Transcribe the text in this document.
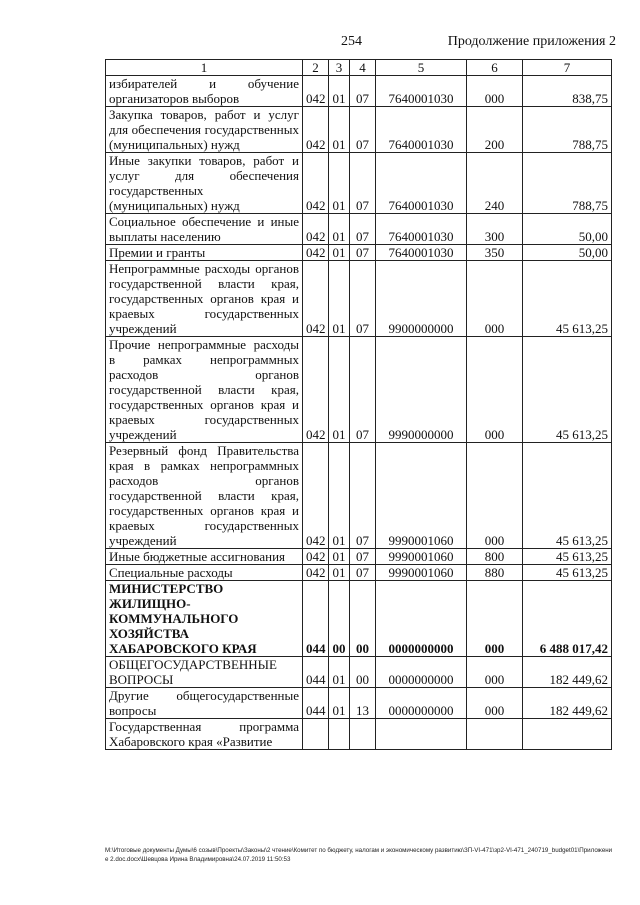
254	Продолжение приложения 2
1	2	3	4	5	6	7
избирателей и обучение организаторов выборов	042	01	07	7640001030	000	838,75
Закупка товаров, работ и услуг для обеспечения государственных (муниципальных) нужд	042	01	07	7640001030	200	788,75
Иные закупки товаров, работ и услуг для обеспечения государственных (муниципальных) нужд	042	01	07	7640001030	240	788,75
Социальное обеспечение и иные выплаты населению	042	01	07	7640001030	300	50,00
Премии и гранты	042	01	07	7640001030	350	50,00
Непрограммные расходы органов государственной власти края, государственных органов края и краевых государственных учреждений	042	01	07	9900000000	000	45 613,25
Прочие непрограммные расходы в рамках непрограммных расходов органов государственной власти края, государственных органов края и краевых государственных учреждений	042	01	07	9990000000	000	45 613,25
Резервный фонд Правительства края в рамках непрограммных расходов органов государственной власти края, государственных органов края и краевых государственных учреждений	042	01	07	9990001060	000	45 613,25
Иные бюджетные ассигнования	042	01	07	9990001060	800	45 613,25
Специальные расходы	042	01	07	9990001060	880	45 613,25
МИНИСТЕРСТВО ЖИЛИЩНО-КОММУНАЛЬНОГО ХОЗЯЙСТВА ХАБАРОВСКОГО КРАЯ	044	00	00	0000000000	000	6 488 017,42
ОБЩЕГОСУДАРСТВЕННЫЕ ВОПРОСЫ	044	01	00	0000000000	000	182 449,62
Другие общегосударственные вопросы	044	01	13	0000000000	000	182 449,62
Государственная программа Хабаровского края «Развитие						
M:\Итоговые документы Думы\6 созыв\Проекты\Законы\2 чтение\Комитет по бюджету, налогам и экономическому развитию\ЗП-VI-471\зр2-VI-471_240719_budget01\Приложение 2.doc.docx\Шевцова Ирина Владимировна\24.07.2019 11:50:53
